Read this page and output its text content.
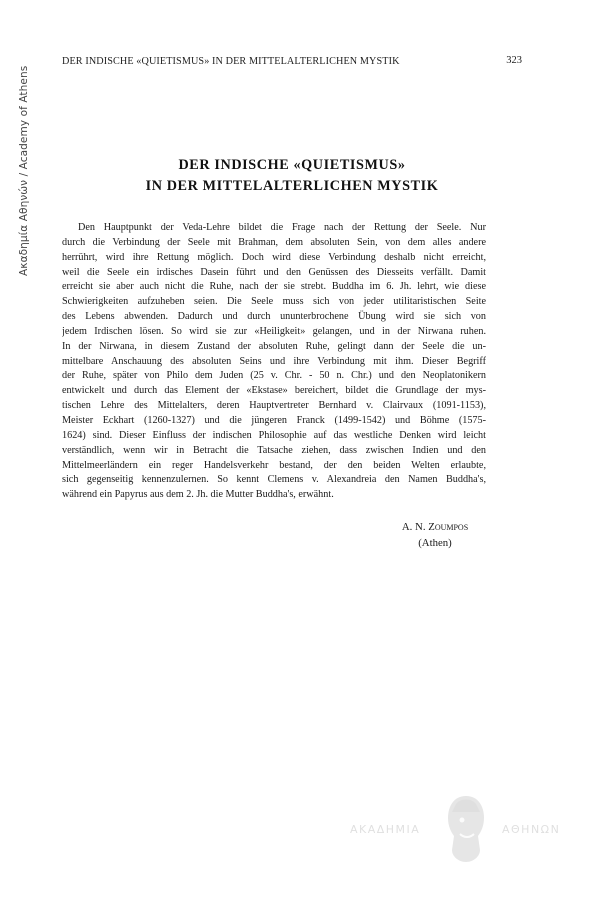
Ακαδημία Αθηνών / Academy of Athens
DER INDISCHE «QUIETISMUS» IN DER MITTELALTERLICHEN MYSTIK	323
DER INDISCHE «QUIETISMUS»
IN DER MITTELALTERLICHEN MYSTIK
Den Hauptpunkt der Veda-Lehre bildet die Frage nach der Rettung der Seele. Nur
durch die Verbindung der Seele mit Brahman, dem absoluten Sein, von dem alles andere
herrührt, wird ihre Rettung möglich. Doch wird diese Verbindung deshalb nicht erreicht,
weil die Seele ein irdisches Dasein führt und den Genüssen des Diesseits verfällt. Damit
erreicht sie aber auch nicht die Ruhe, nach der sie strebt. Buddha im 6. Jh. lehrt, wie diese
Schwierigkeiten aufzuheben seien. Die Seele muss sich von jeder utilitaristischen Seite
des Lebens abwenden. Dadurch und durch ununterbrochene Übung wird sie sich von
jedem Irdischen lösen. So wird sie zur «Heiligkeit» gelangen, und in der Nirwana ruhen.
In der Nirwana, in diesem Zustand der absoluten Ruhe, gelingt dann der Seele die un-
mittelbare Anschauung des absoluten Seins und ihre Verbindung mit ihm. Dieser Begriff
der Ruhe, später von Philo dem Juden (25 v. Chr. - 50 n. Chr.) und den Neoplatonikern
entwickelt und durch das Element der «Ekstase» bereichert, bildet die Grundlage der mys-
tischen Lehre des Mittelalters, deren Hauptvertreter Bernhard v. Clairvaux (1091-1153),
Meister Eckhart (1260-1327) und die jüngeren Franck (1499-1542) und Böhme (1575-
1624) sind. Dieser Einfluss der indischen Philosophie auf das westliche Denken wird leicht
verständlich, wenn wir in Betracht die Tatsache ziehen, dass zwischen Indien und den
Mittelmeerländern ein reger Handelsverkehr bestand, der den beiden Welten erlaubte,
sich gegenseitig kennenzulernen. So kennt Clemens v. Alexandreia den Namen Buddha's,
während ein Papyrus aus dem 2. Jh. die Mutter Buddha's, erwähnt.
A. N. Zoumpos
(Athen)
ΑΚΑΔΗΜΙΑ	ΑΘΗΝΩΝ
